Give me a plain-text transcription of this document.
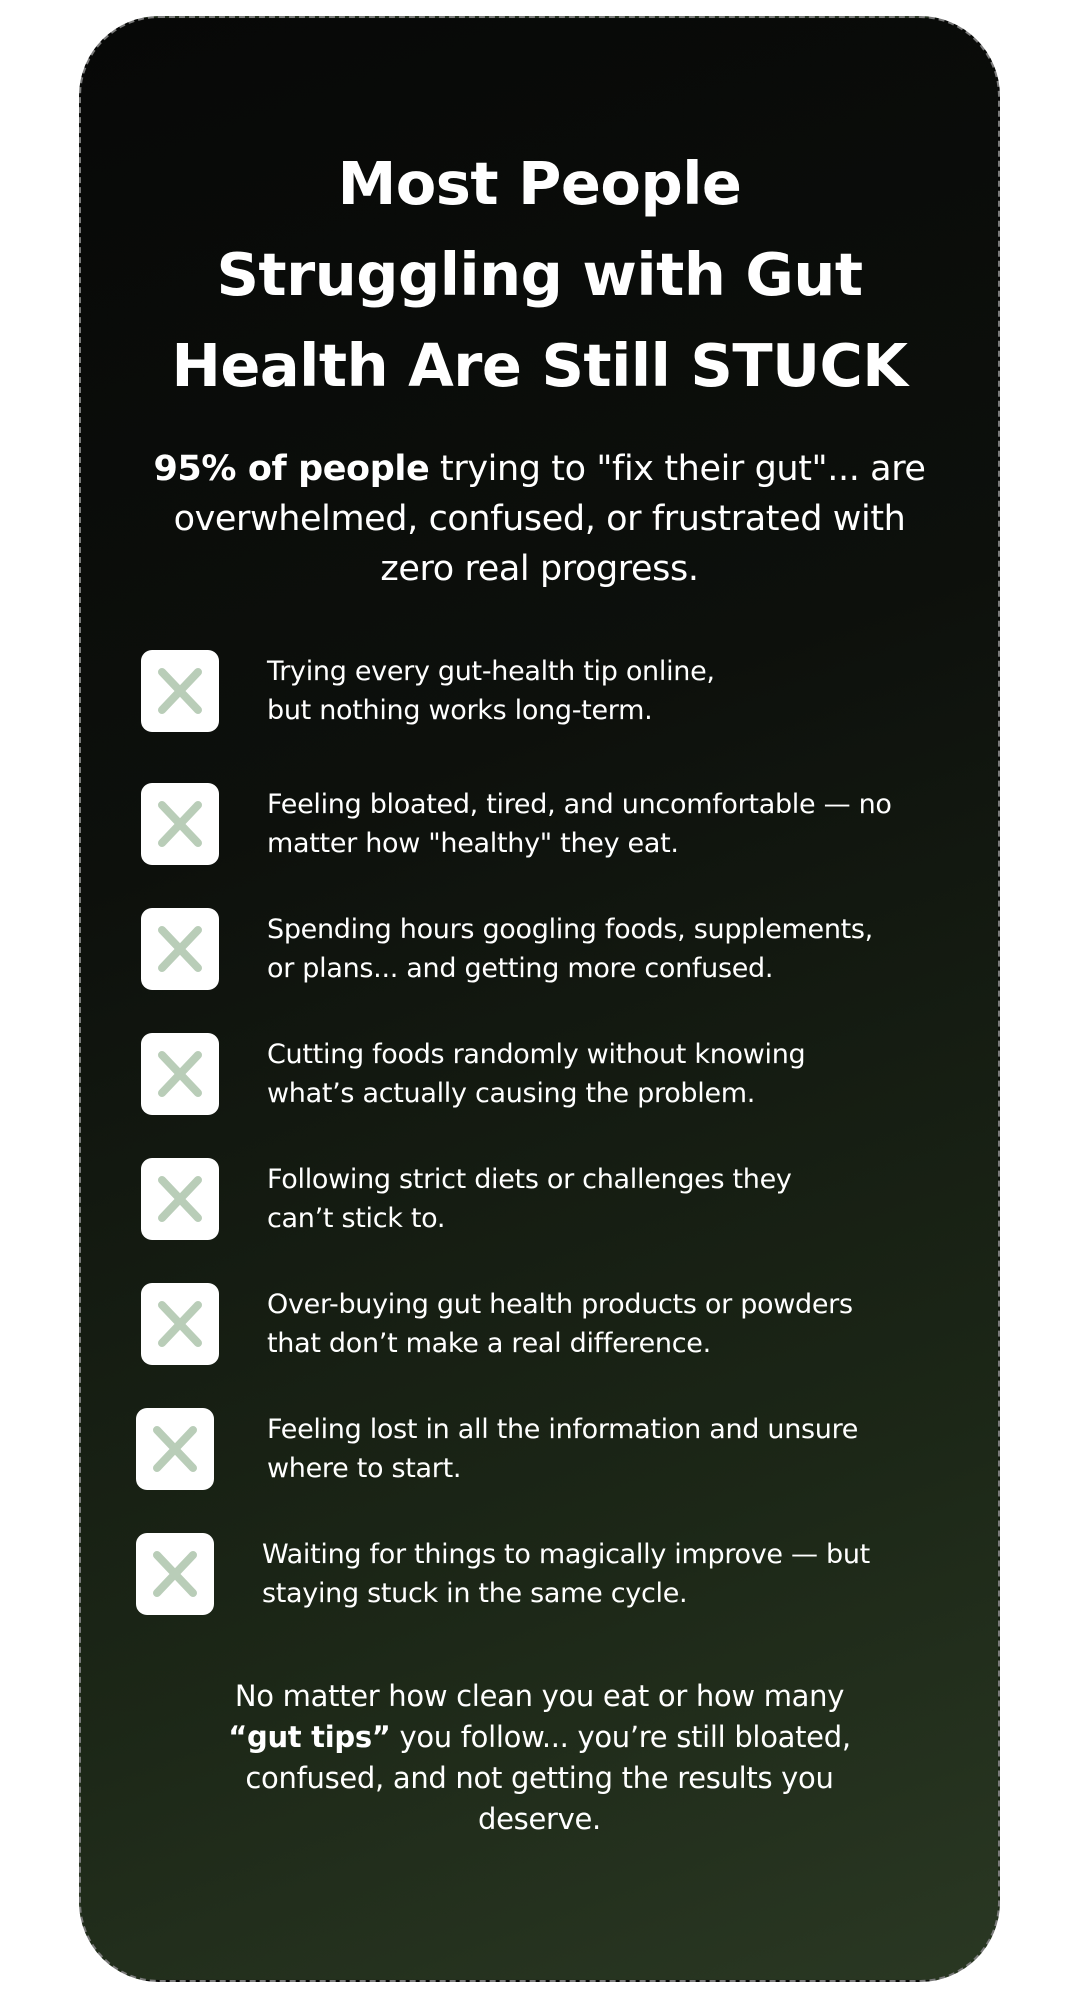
Most People
Struggling with Gut
Health Are Still STUCK

95% of people trying to "fix their gut"... are overwhelmed, confused, or frustrated with zero real progress.

Trying every gut-health tip online,
but nothing works long-term.

Feeling bloated, tired, and uncomfortable — no
matter how "healthy" they eat.

Spending hours googling foods, supplements,
or plans... and getting more confused.

Cutting foods randomly without knowing
what’s actually causing the problem.

Following strict diets or challenges they
can’t stick to.

Over-buying gut health products or powders
that don’t make a real difference.

Feeling lost in all the information and unsure
where to start.

Waiting for things to magically improve — but
staying stuck in the same cycle.

No matter how clean you eat or how many
“gut tips” you follow... you’re still bloated,
confused, and not getting the results you
deserve.
